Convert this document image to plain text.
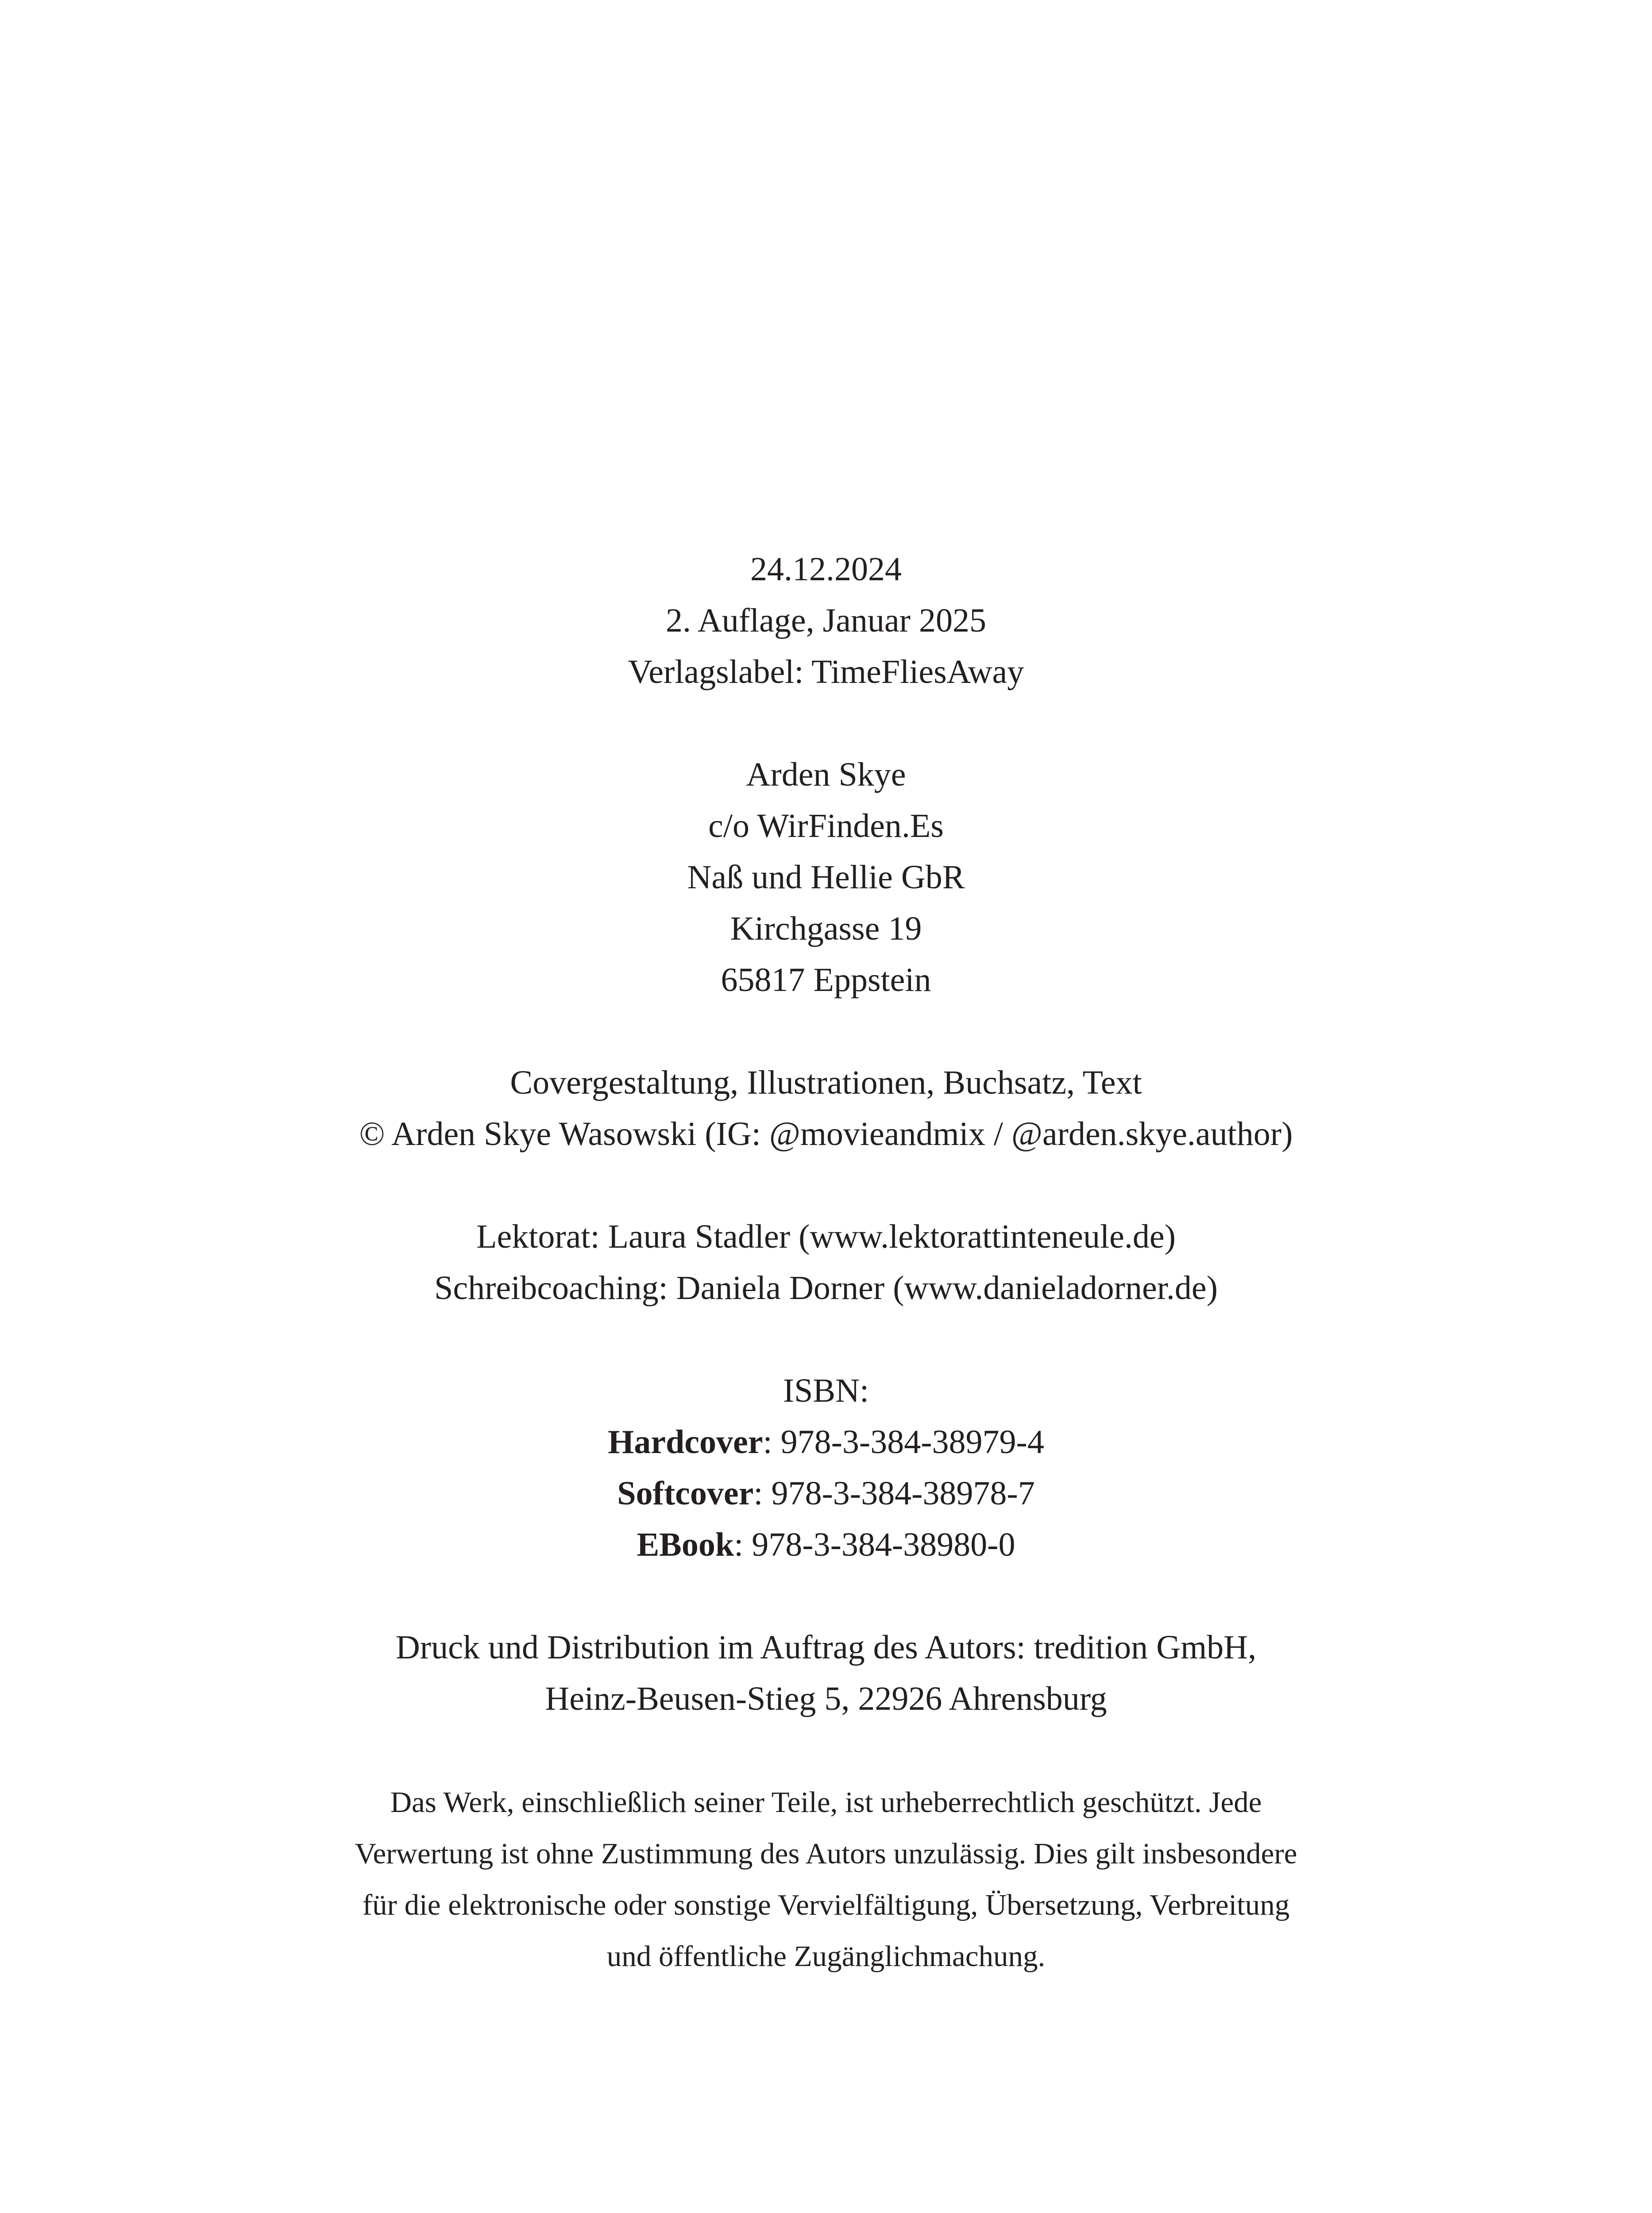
24.12.2024
2. Auflage, Januar 2025
Verlagslabel: TimeFliesAway
Arden Skye
c/o WirFinden.Es
Naß und Hellie GbR
Kirchgasse 19
65817 Eppstein
Covergestaltung, Illustrationen, Buchsatz, Text
© Arden Skye Wasowski (IG: @movieandmix / @arden.skye.author)
Lektorat: Laura Stadler (www.lektorattinteneule.de)
Schreibcoaching: Daniela Dorner (www.danieladorner.de)
ISBN:
Hardcover: 978-3-384-38979-4
Softcover: 978-3-384-38978-7
EBook: 978-3-384-38980-0
Druck und Distribution im Auftrag des Autors: tredition GmbH,
Heinz-Beusen-Stieg 5, 22926 Ahrensburg
Das Werk, einschließlich seiner Teile, ist urheberrechtlich geschützt. Jede
Verwertung ist ohne Zustimmung des Autors unzulässig. Dies gilt insbesondere
für die elektronische oder sonstige Vervielfältigung, Übersetzung, Verbreitung
und öffentliche Zugänglichmachung.
